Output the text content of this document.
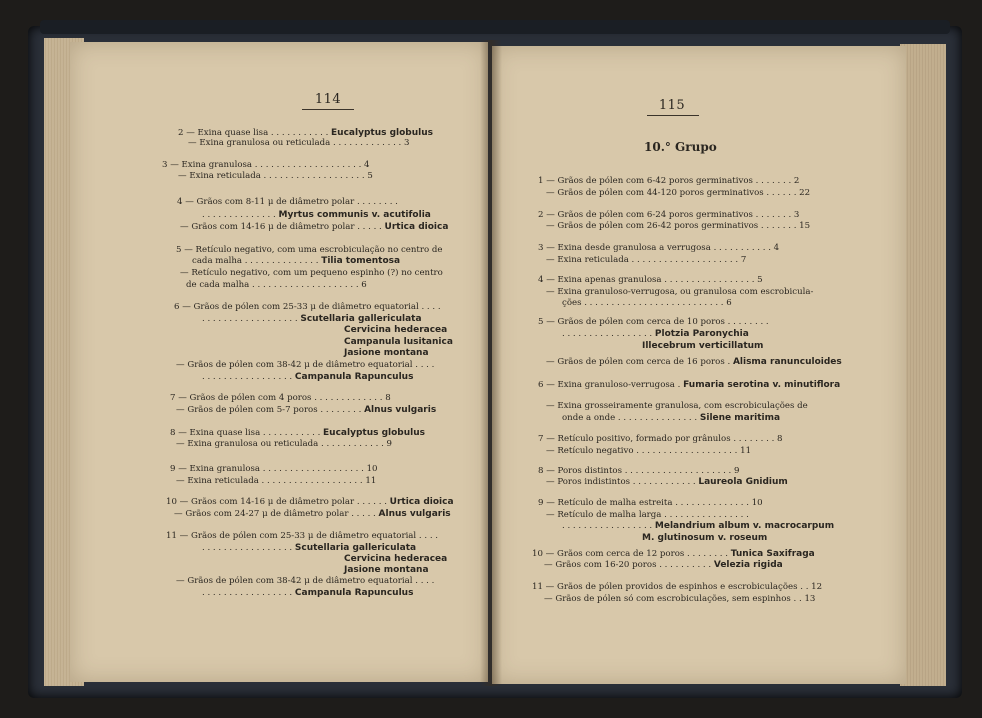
114
2 — Exina quase lisa . . . . . . . . . . . Eucalyptus globulus
— Exina granulosa ou reticulada . . . . . . . . . . . . . 3
3 — Exina granulosa . . . . . . . . . . . . . . . . . . . . 4
— Exina reticulada . . . . . . . . . . . . . . . . . . . 5
4 — Grãos com 8-11 μ de diâmetro polar . . . . . . . .
. . . . . . . . . . . . . . Myrtus communis v. acutifolia
— Grãos com 14-16 μ de diâmetro polar . . . . . Urtica dioica
5 — Retículo negativo, com uma escrobiculação no centro de
cada malha . . . . . . . . . . . . . . Tilia tomentosa
— Retículo negativo, com um pequeno espinho (?) no centro
de cada malha . . . . . . . . . . . . . . . . . . . . 6
6 — Grãos de pólen com 25-33 μ de diâmetro equatorial . . . .
. . . . . . . . . . . . . . . . . . Scutellaria gallericulata
Cervicina hederacea
Campanula lusitanica
Jasione montana
— Grãos de pólen com 38-42 μ de diâmetro equatorial . . . .
. . . . . . . . . . . . . . . . . Campanula Rapunculus
7 — Grãos de pólen com 4 poros . . . . . . . . . . . . . 8
— Grãos de pólen com 5-7 poros . . . . . . . . Alnus vulgaris
8 — Exina quase lisa . . . . . . . . . . . Eucalyptus globulus
— Exina granulosa ou reticulada . . . . . . . . . . . . 9
9 — Exina granulosa . . . . . . . . . . . . . . . . . . . 10
— Exina reticulada . . . . . . . . . . . . . . . . . . . 11
10 — Grãos com 14-16 μ de diâmetro polar . . . . . . Urtica dioica
— Grãos com 24-27 μ de diâmetro polar . . . . . Alnus vulgaris
11 — Grãos de pólen com 25-33 μ de diâmetro equatorial . . . .
. . . . . . . . . . . . . . . . . Scutellaria gallericulata
Cervicina hederacea
Jasione montana
— Grãos de pólen com 38-42 μ de diâmetro equatorial . . . .
. . . . . . . . . . . . . . . . . Campanula Rapunculus
115
10.° Grupo
1 — Grãos de pólen com 6-42 poros germinativos . . . . . . . 2
— Grãos de pólen com 44-120 poros germinativos . . . . . . 22
2 — Grãos de pólen com 6-24 poros germinativos . . . . . . . 3
— Grãos de pólen com 26-42 poros germinativos . . . . . . . 15
3 — Exina desde granulosa a verrugosa . . . . . . . . . . . 4
— Exina reticulada . . . . . . . . . . . . . . . . . . . . 7
4 — Exina apenas granulosa . . . . . . . . . . . . . . . . . 5
— Exina granuloso-verrugosa, ou granulosa com escrobicula-
ções . . . . . . . . . . . . . . . . . . . . . . . . . . 6
5 — Grãos de pólen com cerca de 10 poros . . . . . . . .
. . . . . . . . . . . . . . . . . Plotzia Paronychia
Illecebrum verticillatum
— Grãos de pólen com cerca de 16 poros . Alisma ranunculoides
6 — Exina granuloso-verrugosa . Fumaria serotina v. minutiflora
— Exina grosseiramente granulosa, com escrobiculações de
onde a onde . . . . . . . . . . . . . . . Silene maritima
7 — Retículo positivo, formado por grânulos . . . . . . . . 8
— Retículo negativo . . . . . . . . . . . . . . . . . . . 11
8 — Poros distintos . . . . . . . . . . . . . . . . . . . . 9
— Poros indistintos . . . . . . . . . . . . Laureola Gnidium
9 — Retículo de malha estreita . . . . . . . . . . . . . . 10
— Retículo de malha larga . . . . . . . . . . . . . . . .
. . . . . . . . . . . . . . . . . Melandrium album v. macrocarpum
M. glutinosum v. roseum
10 — Grãos com cerca de 12 poros . . . . . . . . Tunica Saxifraga
— Grãos com 16-20 poros . . . . . . . . . . Velezia rigida
11 — Grãos de pólen providos de espinhos e escrobiculações . . 12
— Grãos de pólen só com escrobiculações, sem espinhos . . 13
